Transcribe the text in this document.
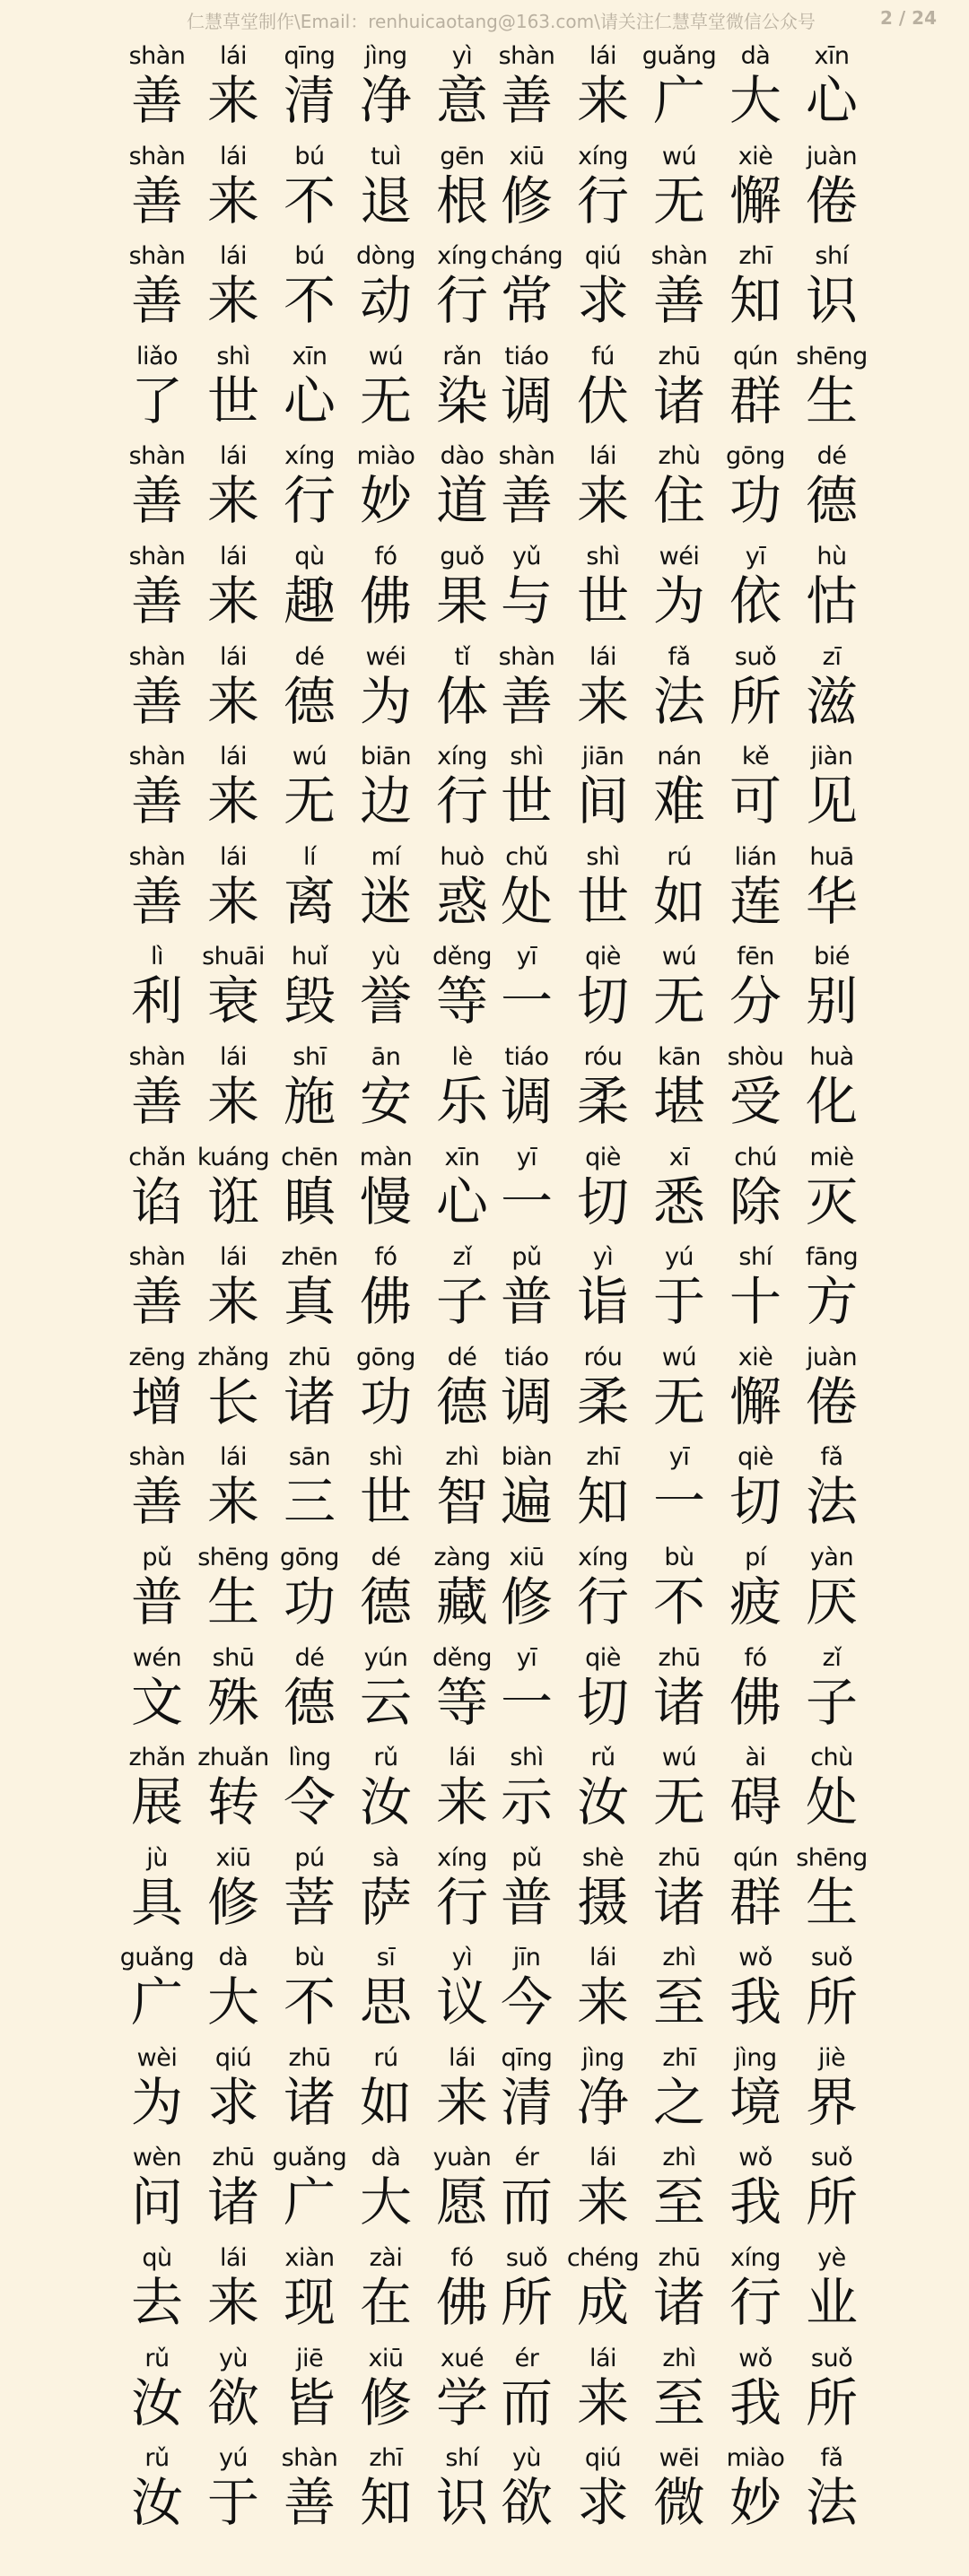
仁慧草堂制作\Email：renhuicaotang@163.com\请关注仁慧草堂微信公众号	2 / 24
shàn
善
lái
来
qīng
清
jìng
净
yì
意
shàn
善
lái
来
guǎng
广
dà
大
xīn
心
shàn
善
lái
来
bú
不
tuì
退
gēn
根
xiū
修
xíng
行
wú
无
xiè
懈
juàn
倦
shàn
善
lái
来
bú
不
dòng
动
xíng
行
cháng
常
qiú
求
shàn
善
zhī
知
shí
识
liǎo
了
shì
世
xīn
心
wú
无
rǎn
染
tiáo
调
fú
伏
zhū
诸
qún
群
shēng
生
shàn
善
lái
来
xíng
行
miào
妙
dào
道
shàn
善
lái
来
zhù
住
gōng
功
dé
德
shàn
善
lái
来
qù
趣
fó
佛
guǒ
果
yǔ
与
shì
世
wéi
为
yī
依
hù
怙
shàn
善
lái
来
dé
德
wéi
为
tǐ
体
shàn
善
lái
来
fǎ
法
suǒ
所
zī
滋
shàn
善
lái
来
wú
无
biān
边
xíng
行
shì
世
jiān
间
nán
难
kě
可
jiàn
见
shàn
善
lái
来
lí
离
mí
迷
huò
惑
chǔ
处
shì
世
rú
如
lián
莲
huā
华
lì
利
shuāi
衰
huǐ
毁
yù
誉
děng
等
yī
一
qiè
切
wú
无
fēn
分
bié
别
shàn
善
lái
来
shī
施
ān
安
lè
乐
tiáo
调
róu
柔
kān
堪
shòu
受
huà
化
chǎn
谄
kuáng
诳
chēn
瞋
màn
慢
xīn
心
yī
一
qiè
切
xī
悉
chú
除
miè
灭
shàn
善
lái
来
zhēn
真
fó
佛
zǐ
子
pǔ
普
yì
诣
yú
于
shí
十
fāng
方
zēng
增
zhǎng
长
zhū
诸
gōng
功
dé
德
tiáo
调
róu
柔
wú
无
xiè
懈
juàn
倦
shàn
善
lái
来
sān
三
shì
世
zhì
智
biàn
遍
zhī
知
yī
一
qiè
切
fǎ
法
pǔ
普
shēng
生
gōng
功
dé
德
zàng
藏
xiū
修
xíng
行
bù
不
pí
疲
yàn
厌
wén
文
shū
殊
dé
德
yún
云
děng
等
yī
一
qiè
切
zhū
诸
fó
佛
zǐ
子
zhǎn
展
zhuǎn
转
lìng
令
rǔ
汝
lái
来
shì
示
rǔ
汝
wú
无
ài
碍
chù
处
jù
具
xiū
修
pú
菩
sà
萨
xíng
行
pǔ
普
shè
摄
zhū
诸
qún
群
shēng
生
guǎng
广
dà
大
bù
不
sī
思
yì
议
jīn
今
lái
来
zhì
至
wǒ
我
suǒ
所
wèi
为
qiú
求
zhū
诸
rú
如
lái
来
qīng
清
jìng
净
zhī
之
jìng
境
jiè
界
wèn
问
zhū
诸
guǎng
广
dà
大
yuàn
愿
ér
而
lái
来
zhì
至
wǒ
我
suǒ
所
qù
去
lái
来
xiàn
现
zài
在
fó
佛
suǒ
所
chéng
成
zhū
诸
xíng
行
yè
业
rǔ
汝
yù
欲
jiē
皆
xiū
修
xué
学
ér
而
lái
来
zhì
至
wǒ
我
suǒ
所
rǔ
汝
yú
于
shàn
善
zhī
知
shí
识
yù
欲
qiú
求
wēi
微
miào
妙
fǎ
法
